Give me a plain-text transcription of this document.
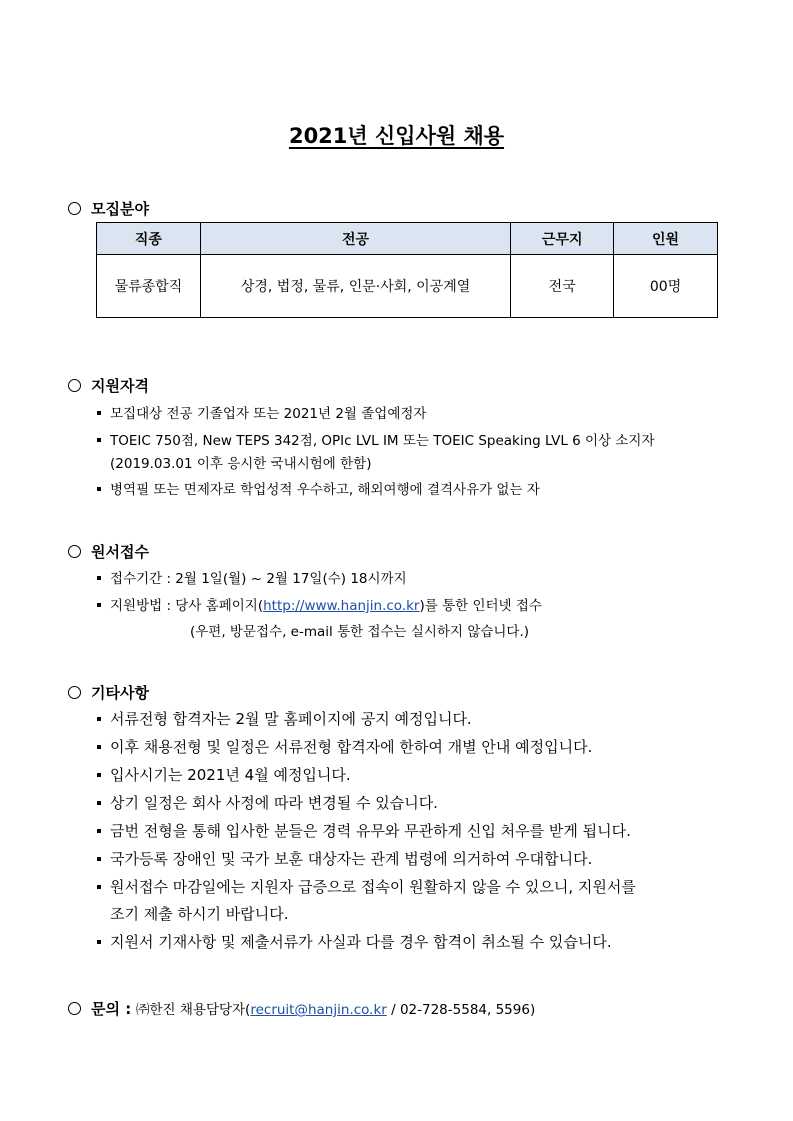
2021년 신입사원 채용
모집분야
직종	전공	근무지	인원
물류종합직	상경, 법정, 물류, 인문·사회, 이공계열	전국	00명
지원자격
모집대상 전공 기졸업자 또는 2021년 2월 졸업예정자
TOEIC 750점, New TEPS 342점, OPIc LVL IM 또는 TOEIC Speaking LVL 6 이상 소지자
(2019.03.01 이후 응시한 국내시험에 한함)
병역필 또는 면제자로 학업성적 우수하고, 해외여행에 결격사유가 없는 자
원서접수
접수기간 : 2월 1일(월) ~ 2월 17일(수) 18시까지
지원방법 : 당사 홈페이지(http://www.hanjin.co.kr)를 통한 인터넷 접수
(우편, 방문접수, e-mail 통한 접수는 실시하지 않습니다.)
기타사항
서류전형 합격자는 2월 말 홈페이지에 공지 예정입니다.
이후 채용전형 및 일정은 서류전형 합격자에 한하여 개별 안내 예정입니다.
입사시기는 2021년 4월 예정입니다.
상기 일정은 회사 사정에 따라 변경될 수 있습니다.
금번 전형을 통해 입사한 분들은 경력 유무와 무관하게 신입 처우를 받게 됩니다.
국가등록 장애인 및 국가 보훈 대상자는 관계 법령에 의거하여 우대합니다.
원서접수 마감일에는 지원자 급증으로 접속이 원활하지 않을 수 있으니, 지원서를
조기 제출 하시기 바랍니다.
지원서 기재사항 및 제출서류가 사실과 다를 경우 합격이 취소될 수 있습니다.
문의 : ㈜한진 채용담당자(recruit@hanjin.co.kr / 02-728-5584, 5596)
